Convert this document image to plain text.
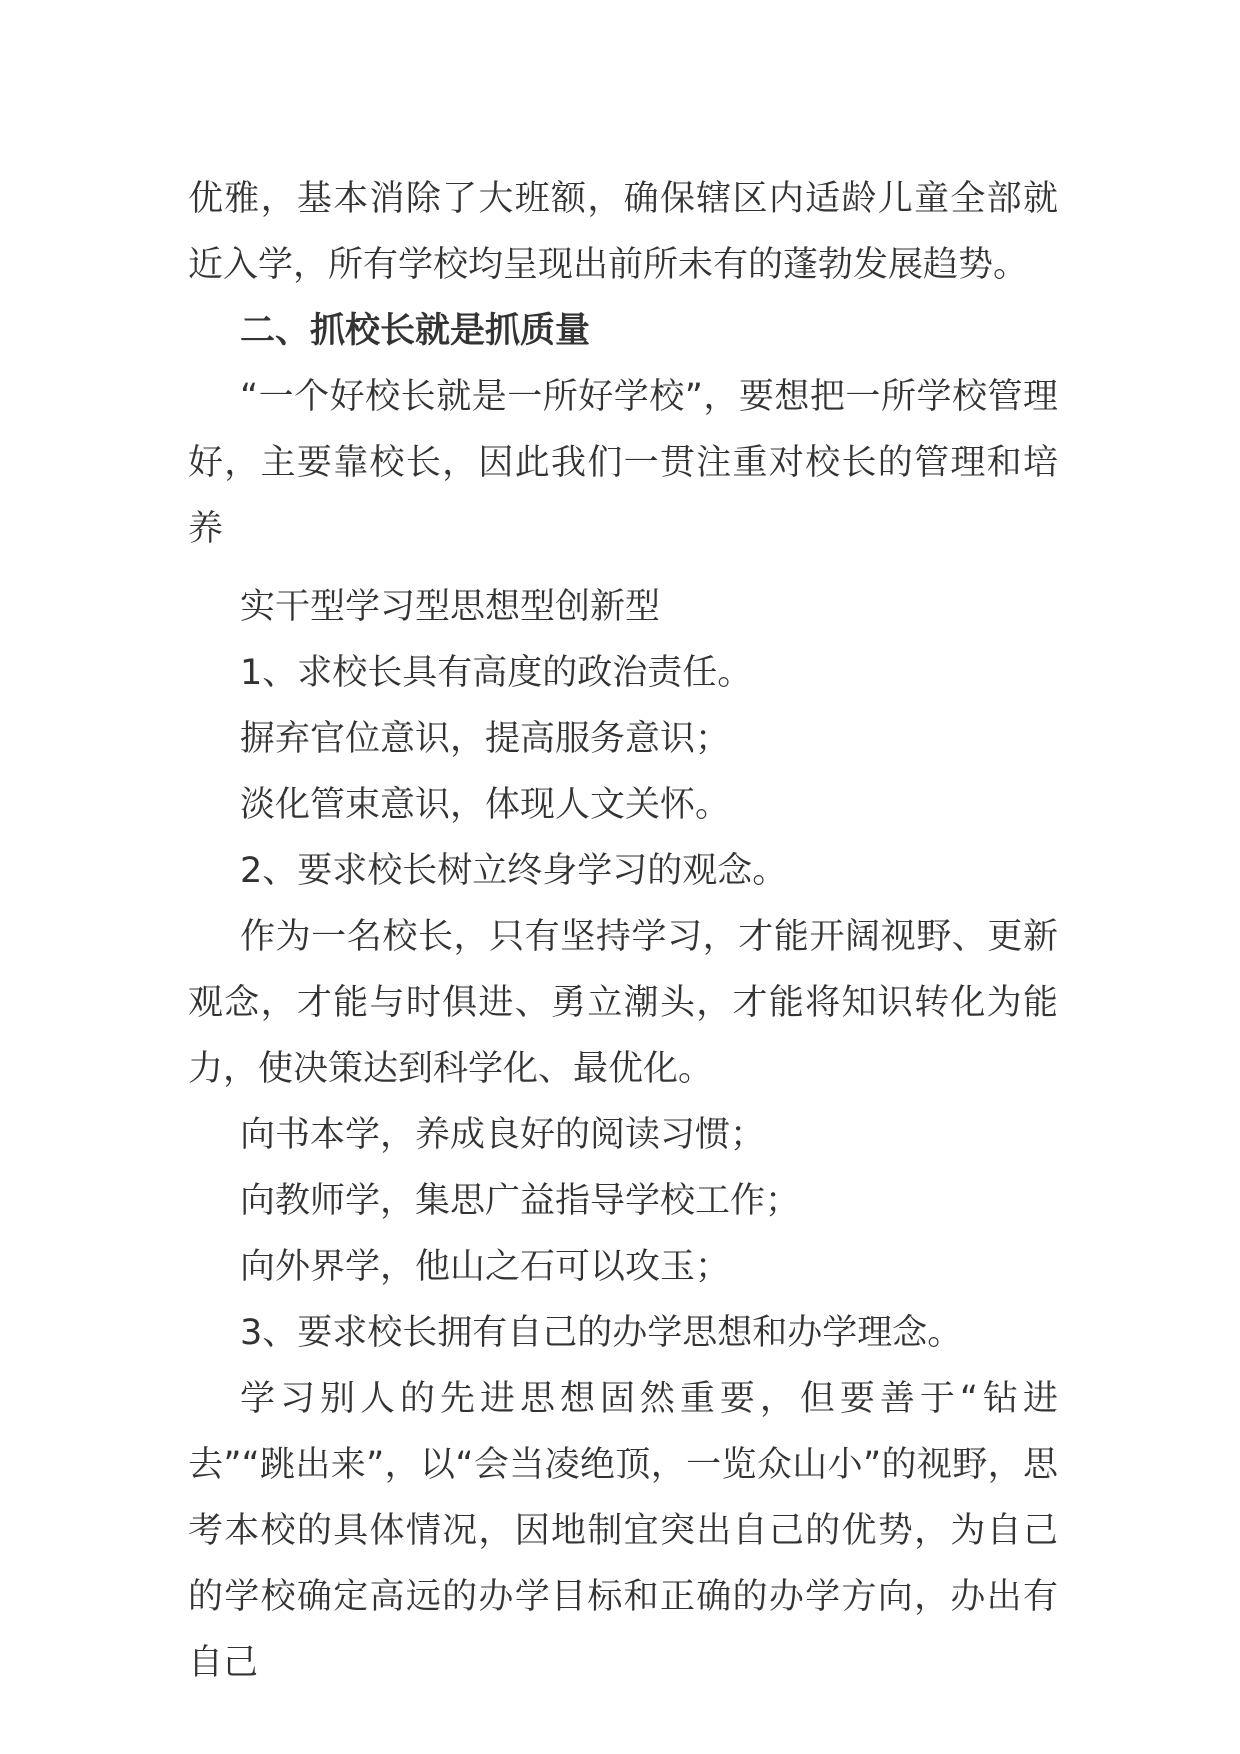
优雅，基本消除了大班额，确保辖区内适龄儿童全部就近入学，所有学校均呈现出前所未有的蓬勃发展趋势。

二、抓校长就是抓质量

“一个好校长就是一所好学校”，要想把一所学校管理好，主要靠校长，因此我们一贯注重对校长的管理和培养

实干型学习型思想型创新型

1、求校长具有高度的政治责任。

摒弃官位意识，提高服务意识；

淡化管束意识，体现人文关怀。

2、要求校长树立终身学习的观念。

作为一名校长，只有坚持学习，才能开阔视野、更新观念，才能与时俱进、勇立潮头，才能将知识转化为能力，使决策达到科学化、最优化。

向书本学，养成良好的阅读习惯；

向教师学，集思广益指导学校工作；

向外界学，他山之石可以攻玉；

3、要求校长拥有自己的办学思想和办学理念。

学习别人的先进思想固然重要，但要善于“钻进去”“跳出来”，以“会当凌绝顶，一览众山小”的视野，思考本校的具体情况，因地制宜突出自己的优势，为自己的学校确定高远的办学目标和正确的办学方向，办出有自己
